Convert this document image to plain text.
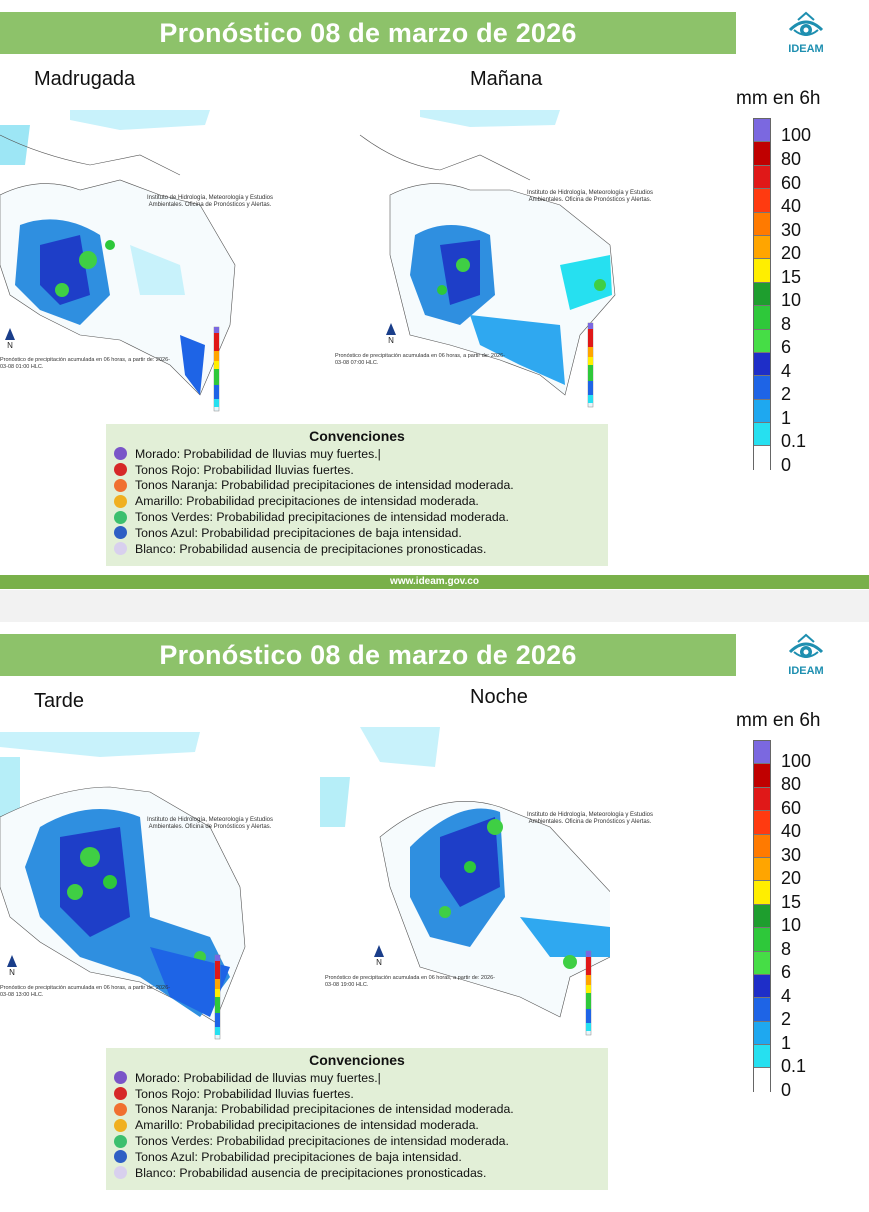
Pronóstico 08 de marzo de 2026
IDEAM
Madrugada	Mañana
Instituto de Hidrología, Meteorología y Estudios Ambientales. Oficina de Pronósticos y Alertas.
N
Pronóstico de precipitación acumulada en 06 horas, a partir de: 2026-03-08 01:00 HLC.
Instituto de Hidrología, Meteorología y Estudios Ambientales. Oficina de Pronósticos y Alertas.
N
Pronóstico de precipitación acumulada en 06 horas, a partir de: 2026-03-08 07:00 HLC.
mm en 6h
100
80
60
40
30
20
15
10
8
6
4
2
1
0.1
0
Convenciones
Morado: Probabilidad de lluvias muy fuertes.|
Tonos Rojo: Probabilidad lluvias fuertes.
Tonos Naranja: Probabilidad precipitaciones de intensidad moderada.
Amarillo: Probabilidad precipitaciones de intensidad moderada.
Tonos Verdes: Probabilidad precipitaciones de intensidad moderada.
Tonos Azul: Probabilidad precipitaciones de baja intensidad.
Blanco: Probabilidad ausencia de precipitaciones pronosticadas.
www.ideam.gov.co
Pronóstico 08 de marzo de 2026
IDEAM
Tarde	Noche
Instituto de Hidrología, Meteorología y Estudios Ambientales. Oficina de Pronósticos y Alertas.
N
Pronóstico de precipitación acumulada en 06 horas, a partir de: 2026-03-08 13:00 HLC.
Instituto de Hidrología, Meteorología y Estudios Ambientales. Oficina de Pronósticos y Alertas.
N
Pronóstico de precipitación acumulada en 06 horas, a partir de: 2026-03-08 19:00 HLC.
mm en 6h
100
80
60
40
30
20
15
10
8
6
4
2
1
0.1
0
Convenciones
Morado: Probabilidad de lluvias muy fuertes.|
Tonos Rojo: Probabilidad lluvias fuertes.
Tonos Naranja: Probabilidad precipitaciones de intensidad moderada.
Amarillo: Probabilidad precipitaciones de intensidad moderada.
Tonos Verdes: Probabilidad precipitaciones de intensidad moderada.
Tonos Azul: Probabilidad precipitaciones de baja intensidad.
Blanco: Probabilidad ausencia de precipitaciones pronosticadas.
